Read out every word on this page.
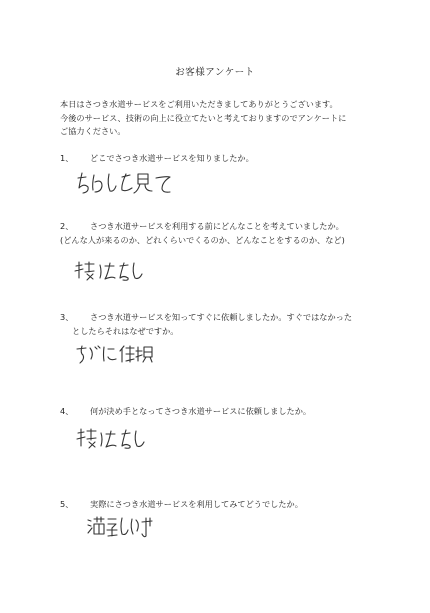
お客様アンケート
本日はさつき水道サービスをご利用いただきましてありがとうございます。
今後のサービス、技術の向上に役立てたいと考えておりますのでアンケートに
ご協力ください。
1、 どこでさつき水道サービスを知りましたか。
2、 さつき水道サービスを利用する前にどんなことを考えていましたか。
(どんな人が来るのか、どれくらいでくるのか、どんなことをするのか、など)
3、 さつき水道サービスを知ってすぐに依頼しましたか。すぐではなかった
としたらそれはなぜですか。
4、 何が決め手となってさつき水道サービスに依頼しましたか。
5、 実際にさつき水道サービスを利用してみてどうでしたか。
